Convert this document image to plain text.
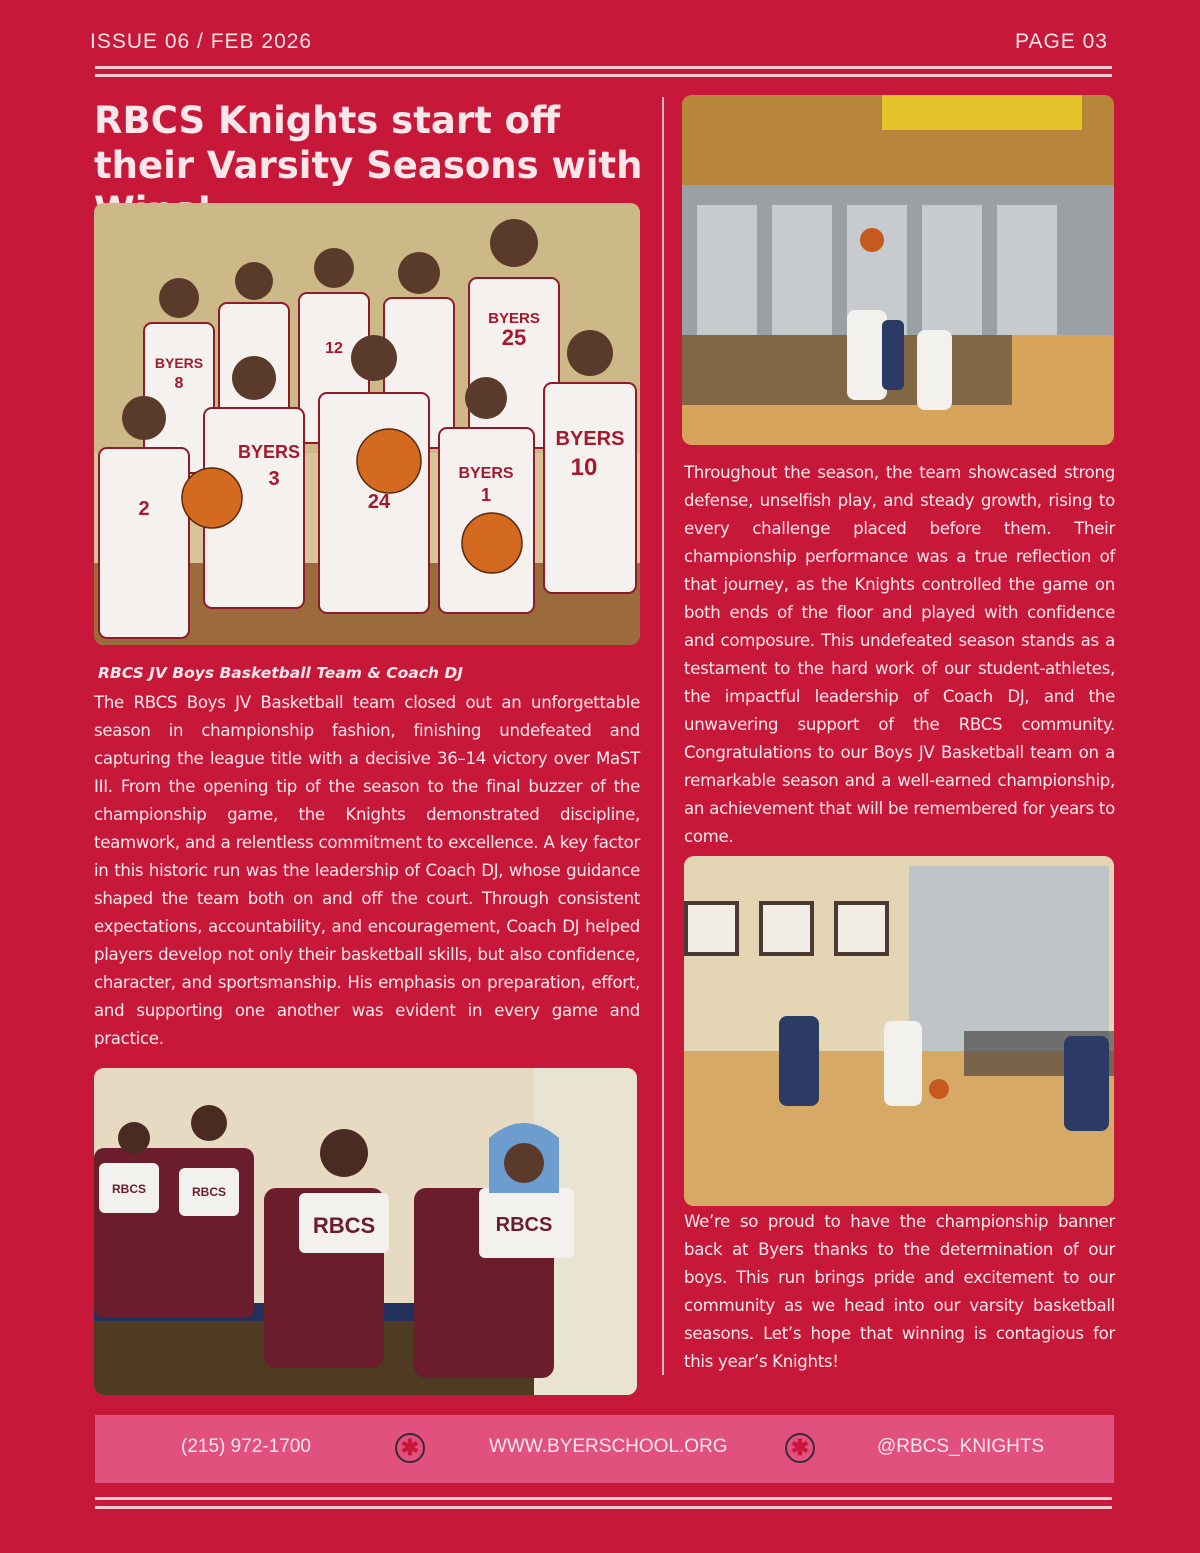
ISSUE 06 / FEB 2026	PAGE 03
RBCS Knights start off their Varsity Seasons with
BYERS
8
12
BYERS
25
2
BYERS
3
24
BYERS
1
BYERS
10
RBCS JV Boys Basketball Team & Coach DJ

The RBCS Boys JV Basketball team closed out an unforgettable season in championship fashion, finishing undefeated and capturing the league title with a decisive 36–14 victory over MaST III. From the opening tip of the season to the final buzzer of the championship game, the Knights demonstrated discipline, teamwork, and a relentless commitment to excellence. A key factor in this historic run was the leadership of Coach DJ, whose guidance shaped the team both on and off the court. Through consistent expectations, accountability, and encouragement, Coach DJ helped players develop not only their basketball skills, but also confidence, character, and sportsmanship. His emphasis on preparation, effort, and supporting one another was evident in every game and practice.

RBCS	RBCS
RBCS	RBCS

Throughout the season, the team showcased strong defense, unselfish play, and steady growth, rising to every challenge placed before them. Their championship performance was a true reflection of that journey, as the Knights controlled the game on both ends of the floor and played with confidence and composure. This undefeated season stands as a testament to the hard work of our student-athletes, the impactful leadership of Coach DJ, and the unwavering support of the RBCS community. Congratulations to our Boys JV Basketball team on a remarkable season and a well-earned championship, an achievement that will be remembered for years to come.

We’re so proud to have the championship banner back at Byers thanks to the determination of our boys. This run brings pride and excitement to our community as we head into our varsity basketball seasons. Let’s hope that winning is contagious for this year’s Knights!

(215) 972-1700	✱	WWW.BYERSCHOOL.ORG	✱	@RBCS_KNIGHTS
